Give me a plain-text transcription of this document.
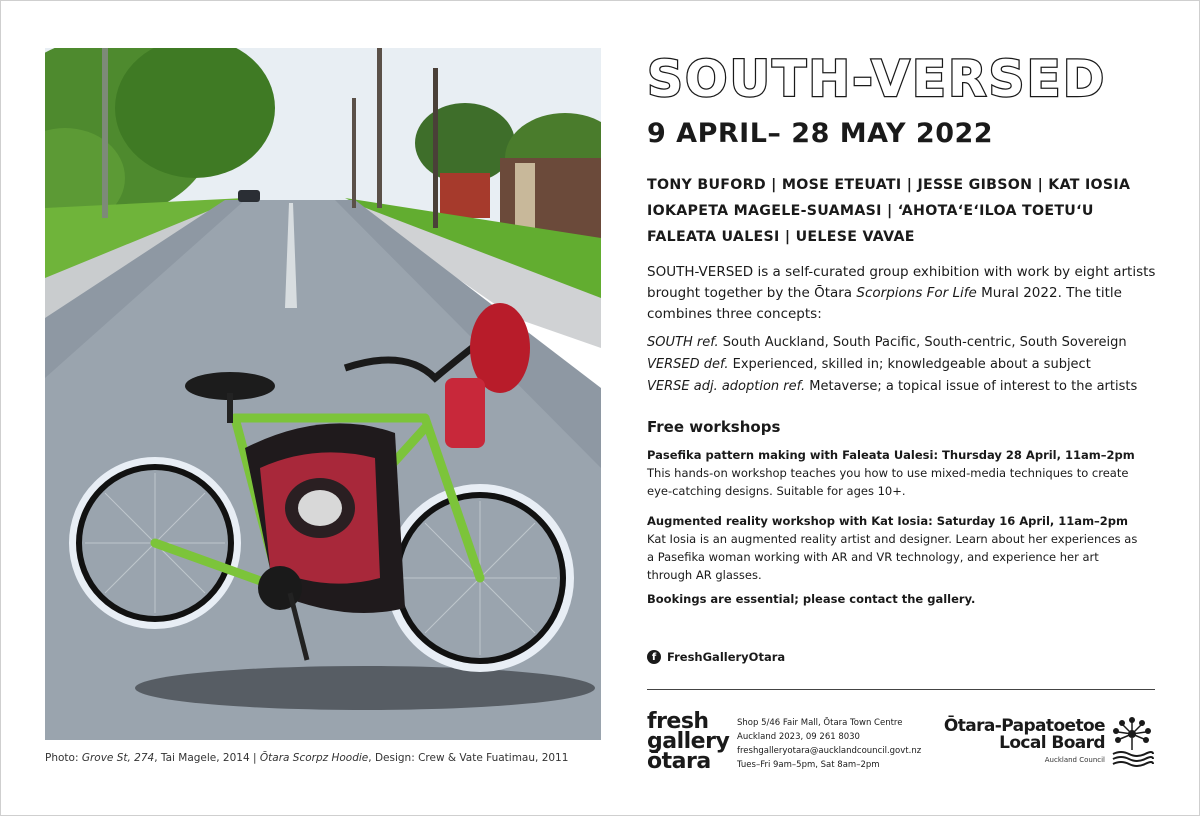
Photo: Grove St, 274, Tai Magele, 2014 | Ōtara Scorpz Hoodie, Design: Crew & Vate Fuatimau, 2011
SOUTH-VERSED
9 APRIL– 28 MAY 2022
TONY BUFORD | MOSE ETEUATI | JESSE GIBSON | KAT IOSIA
IOKAPETA MAGELE-SUAMASI | ʻAHOTAʻEʻILOA TOETUʻU
FALEATA UALESI | UELESE VAVAE
SOUTH-VERSED is a self-curated group exhibition with work by eight artists brought together by the Ōtara Scorpions For Life Mural 2022. The title combines three concepts:
SOUTH ref. South Auckland, South Pacific, South-centric, South Sovereign
VERSED def. Experienced, skilled in; knowledgeable about a subject
VERSE adj. adoption ref. Metaverse; a topical issue of interest to the artists
Free workshops
Pasefika pattern making with Faleata Ualesi: Thursday 28 April, 11am–2pm
This hands-on workshop teaches you how to use mixed-media techniques to create eye-catching designs. Suitable for ages 10+.
Augmented reality workshop with Kat Iosia: Saturday 16 April, 11am–2pm
Kat Iosia is an augmented reality artist and designer. Learn about her experiences as a Pasefika woman working with AR and VR technology, and experience her art through AR glasses.
Bookings are essential; please contact the gallery.
f FreshGalleryOtara
fresh
gallery
ōtara
Shop 5/46 Fair Mall, Ōtara Town Centre
Auckland 2023, 09 261 8030
freshgalleryotara@aucklandcouncil.govt.nz
Tues–Fri 9am–5pm, Sat 8am–2pm
Ōtara-Papatoetoe
Local Board
Auckland Council
